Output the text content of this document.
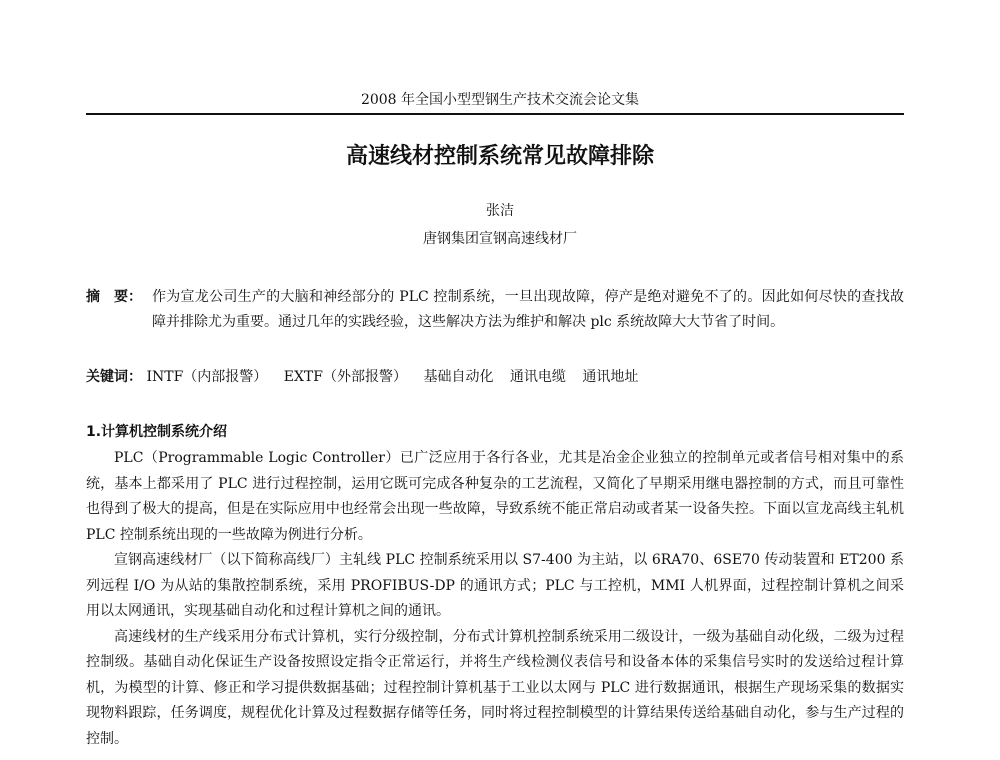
2008 年全国小型型钢生产技术交流会论文集
高速线材控制系统常见故障排除
张洁
唐钢集团宣钢高速线材厂
摘　要： 作为宣龙公司生产的大脑和神经部分的 PLC 控制系统，一旦出现故障，停产是绝对避免不了的。因此如何尽快的查找故障并排除尤为重要。通过几年的实践经验，这些解决方法为维护和解决 plc 系统故障大大节省了时间。
关键词： INTF（内部报警） EXTF（外部报警） 基础自动化 通讯电缆 通讯地址
1.计算机控制系统介绍

PLC（Programmable Logic Controller）已广泛应用于各行各业，尤其是冶金企业独立的控制单元或者信号相对集中的系统，基本上都采用了 PLC 进行过程控制，运用它既可完成各种复杂的工艺流程，又简化了早期采用继电器控制的方式，而且可靠性也得到了极大的提高，但是在实际应用中也经常会出现一些故障，导致系统不能正常启动或者某一设备失控。下面以宣龙高线主轧机 PLC 控制系统出现的一些故障为例进行分析。

宣钢高速线材厂（以下简称高线厂）主轧线 PLC 控制系统采用以 S7-400 为主站，以 6RA70、6SE70 传动装置和 ET200 系列远程 I/O 为从站的集散控制系统，采用 PROFIBUS-DP 的通讯方式；PLC 与工控机，MMI 人机界面，过程控制计算机之间采用以太网通讯，实现基础自动化和过程计算机之间的通讯。

高速线材的生产线采用分布式计算机，实行分级控制，分布式计算机控制系统采用二级设计，一级为基础自动化级，二级为过程控制级。基础自动化保证生产设备按照设定指令正常运行，并将生产线检测仪表信号和设备本体的采集信号实时的发送给过程计算机，为模型的计算、修正和学习提供数据基础；过程控制计算机基于工业以太网与 PLC 进行数据通讯，根据生产现场采集的数据实现物料跟踪，任务调度，规程优化计算及过程数据存储等任务，同时将过程控制模型的计算结果传送给基础自动化，参与生产过程的控制。
